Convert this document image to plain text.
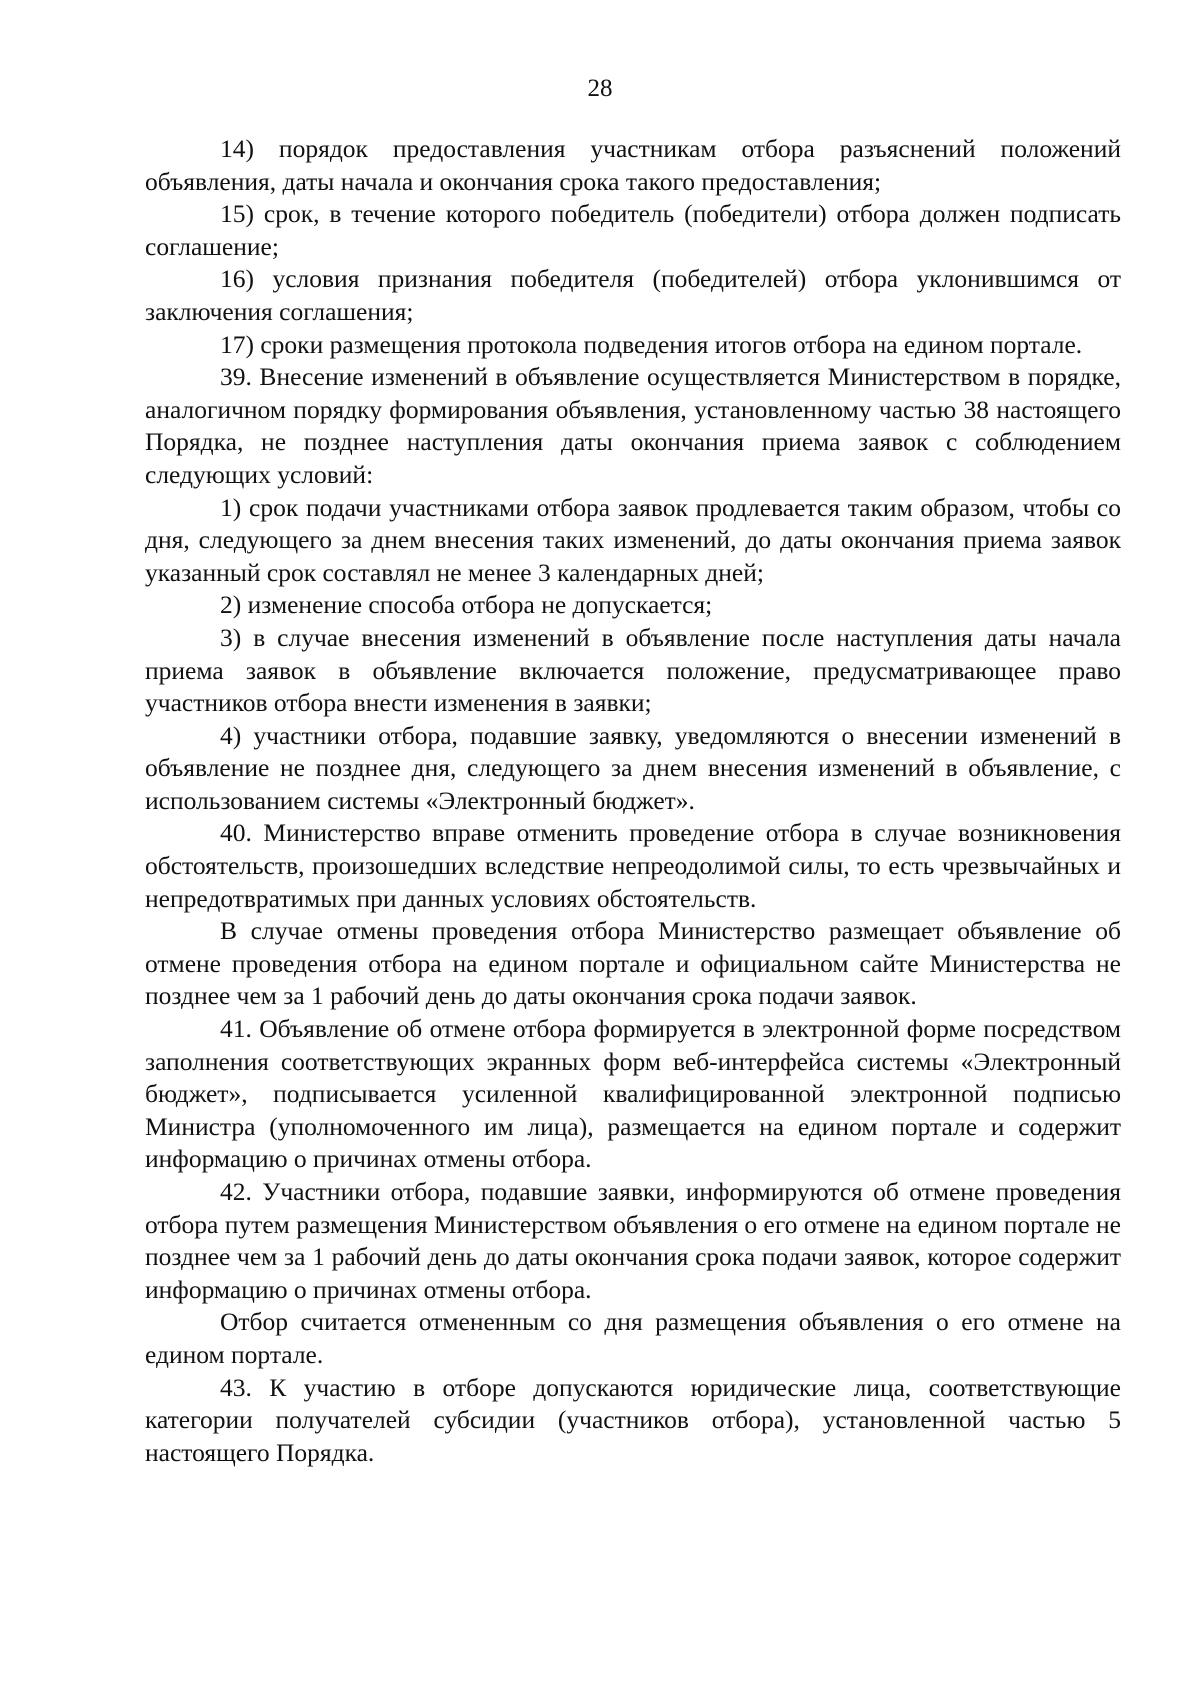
28

14) порядок предоставления участникам отбора разъяснений положений объявления, даты начала и окончания срока такого предоставления;

15) срок, в течение которого победитель (победители) отбора должен подписать соглашение;

16) условия признания победителя (победителей) отбора уклонившимся от заключения соглашения;

17) сроки размещения протокола подведения итогов отбора на едином портале.

39. Внесение изменений в объявление осуществляется Министерством в порядке, аналогичном порядку формирования объявления, установленному частью 38 настоящего Порядка, не позднее наступления даты окончания приема заявок с соблюдением следующих условий:

1) срок подачи участниками отбора заявок продлевается таким образом, чтобы со дня, следующего за днем внесения таких изменений, до даты окончания приема заявок указанный срок составлял не менее 3 календарных дней;

2) изменение способа отбора не допускается;

3) в случае внесения изменений в объявление после наступления даты начала приема заявок в объявление включается положение, предусматривающее право участников отбора внести изменения в заявки;

4) участники отбора, подавшие заявку, уведомляются о внесении изменений в объявление не позднее дня, следующего за днем внесения изменений в объявление, с использованием системы «Электронный бюджет».

40. Министерство вправе отменить проведение отбора в случае возникновения обстоятельств, произошедших вследствие непреодолимой силы, то есть чрезвычайных и непредотвратимых при данных условиях обстоятельств.

В случае отмены проведения отбора Министерство размещает объявление об отмене проведения отбора на едином портале и официальном сайте Министерства не позднее чем за 1 рабочий день до даты окончания срока подачи заявок.

41. Объявление об отмене отбора формируется в электронной форме посредством заполнения соответствующих экранных форм веб-интерфейса системы «Электронный бюджет», подписывается усиленной квалифицированной электронной подписью Министра (уполномоченного им лица), размещается на едином портале и содержит информацию о причинах отмены отбора.

42. Участники отбора, подавшие заявки, информируются об отмене проведения отбора путем размещения Министерством объявления о его отмене на едином портале не позднее чем за 1 рабочий день до даты окончания срока подачи заявок, которое содержит информацию о причинах отмены отбора.

Отбор считается отмененным со дня размещения объявления о его отмене на едином портале.

43. К участию в отборе допускаются юридические лица, соответствующие категории получателей субсидии (участников отбора), установленной частью 5 настоящего Порядка.
